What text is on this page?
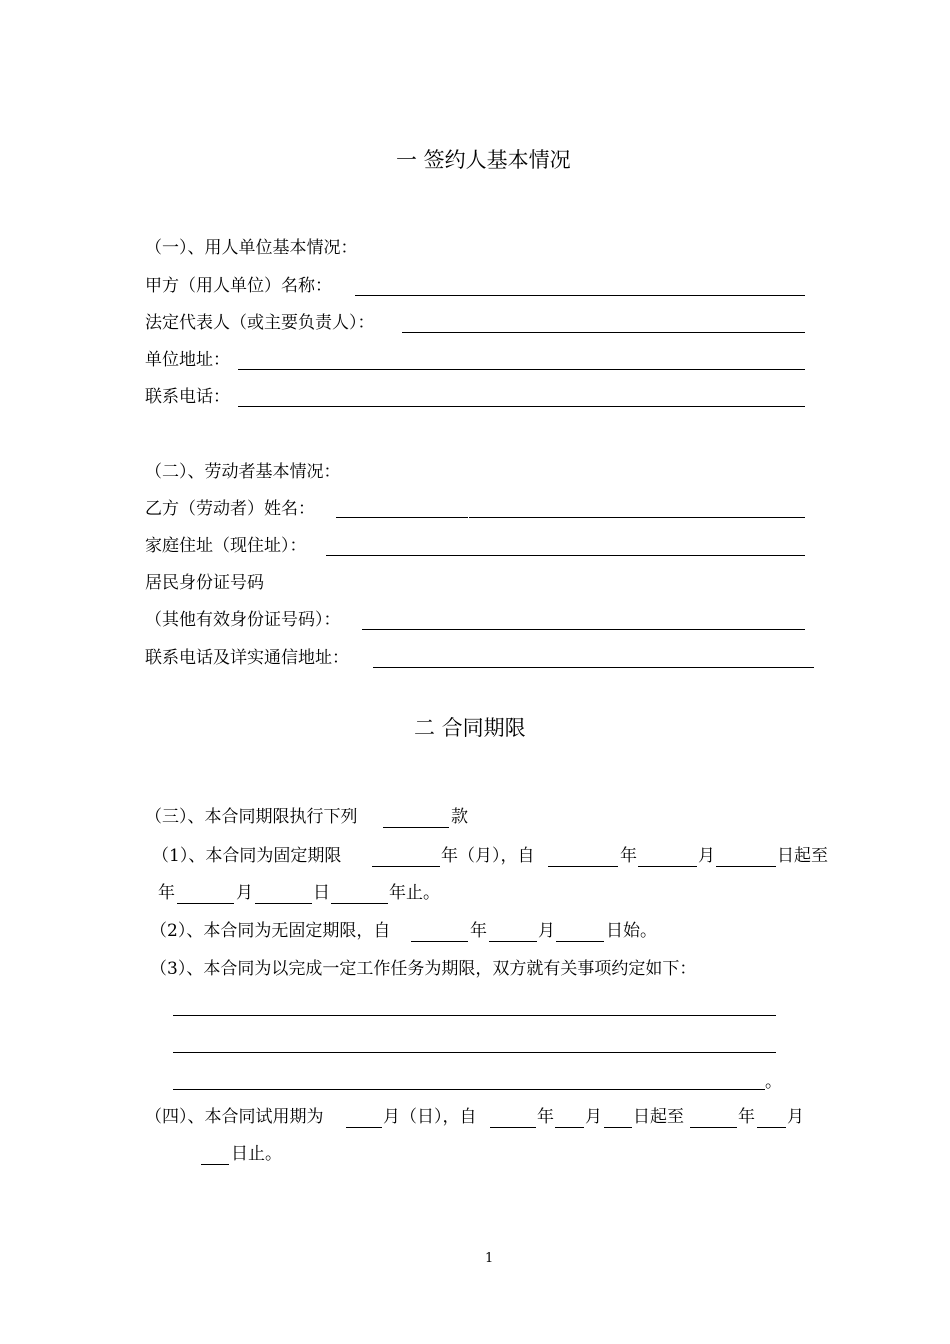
一 签约人基本情况
（一）、用人单位基本情况：
甲方（用人单位）名称：
法定代表人（或主要负责人）：
单位地址：
联系电话：
（二）、劳动者基本情况：
乙方（劳动者）姓名：
家庭住址（现住址）：
居民身份证号码
（其他有效身份证号码）：
联系电话及详实通信地址：
二 合同期限
（三）、本合同期限执行下列	款
（1）、本合同为固定期限	年（月），自	年	月	日起至
年	月	日	年止。
（2）、本合同为无固定期限，自	年	月	日始。
（3）、本合同为以完成一定工作任务为期限，双方就有关事项约定如下：
。
（四）、本合同试用期为	月（日），自	年 月 日起至	年 月
日止。
1
